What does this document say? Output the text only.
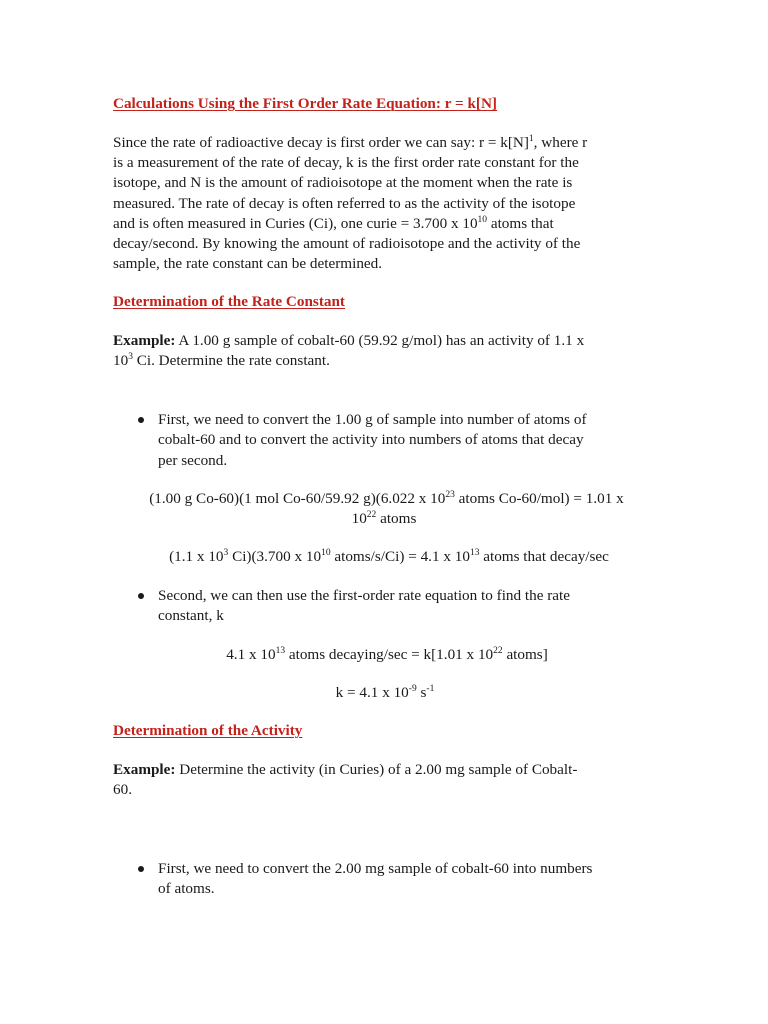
Calculations Using the First Order Rate Equation: r = k[N]
Since the rate of radioactive decay is first order we can say: $r = k[N]^1$, where r
is a measurement of the rate of decay, k is the first order rate constant for the
isotope, and N is the amount of radioisotope at the moment when the rate is
measured. The rate of decay is often referred to as the activity of the isotope
and is often measured in Curies (Ci), one curie = 3.700 x $10^{10}$ atoms that
decay/second. By knowing the amount of radioisotope and the activity of the
sample, the rate constant can be determined.
Determination of the Rate Constant
Example: A 1.00 g sample of cobalt-60 (59.92 g/mol) has an activity of 1.1 x
$10^3$ Ci. Determine the rate constant.
First, we need to convert the 1.00 g of sample into number of atoms of
cobalt-60 and to convert the activity into numbers of atoms that decay
per second.
(1.00 g Co-60)(1 mol Co-60/59.92 g)(6.022 x $10^{23}$ atoms Co-60/mol) = 1.01 x
$10^{22}$ atoms
(1.1 x $10^3$ Ci)(3.700 x $10^{10}$ atoms/s/Ci) = 4.1 x $10^{13}$ atoms that decay/sec
Second, we can then use the first-order rate equation to find the rate
constant, k
4.1 x $10^{13}$ atoms decaying/sec = k[1.01 x $10^{22}$ atoms]
k = 4.1 x $10^{-9}$ $s^{-1}$
Determination of the Activity
Example: Determine the activity (in Curies) of a 2.00 mg sample of Cobalt-
60.
First, we need to convert the 2.00 mg sample of cobalt-60 into numbers
of atoms.
